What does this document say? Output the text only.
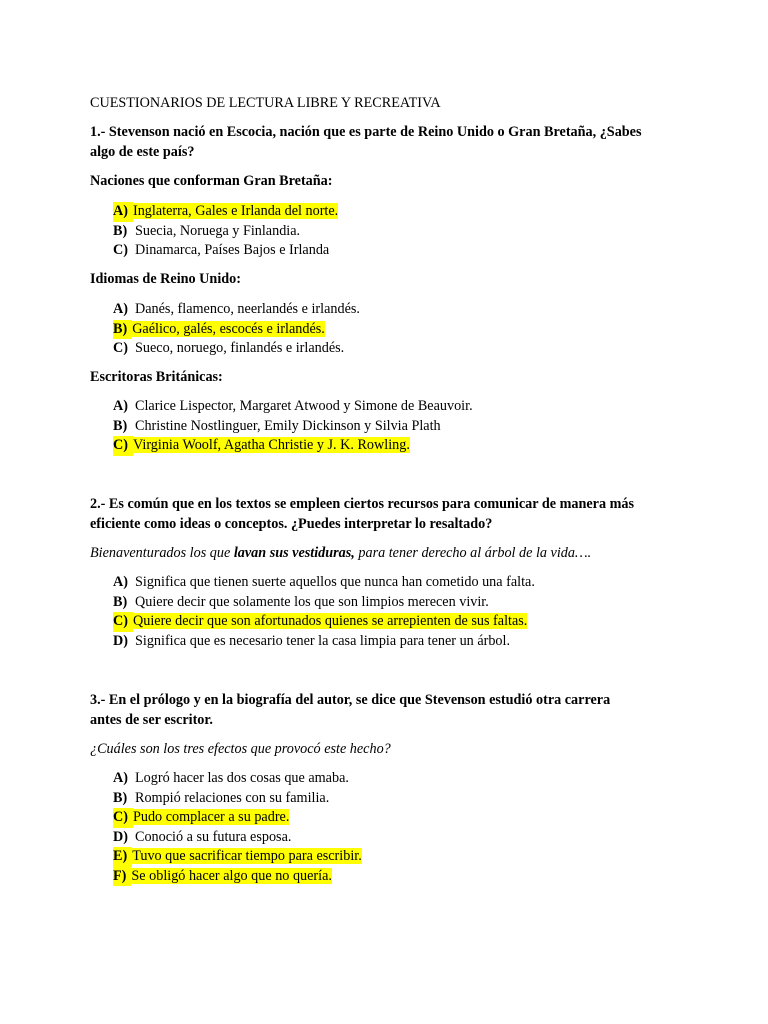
CUESTIONARIOS DE LECTURA LIBRE Y RECREATIVA
1.- Stevenson nació en Escocia, nación que es parte de Reino Unido o Gran Bretaña, ¿Sabes
algo de este país?
Naciones que conforman Gran Bretaña:
A) Inglaterra, Gales e Irlanda del norte.
B) Suecia, Noruega y Finlandia.
C) Dinamarca, Países Bajos e Irlanda
Idiomas de Reino Unido:
A) Danés, flamenco, neerlandés e irlandés.
B) Gaélico, galés, escocés e irlandés.
C) Sueco, noruego, finlandés e irlandés.
Escritoras Británicas:
A) Clarice Lispector, Margaret Atwood y Simone de Beauvoir.
B) Christine Nostlinguer, Emily Dickinson y Silvia Plath
C) Virginia Woolf, Agatha Christie y J. K. Rowling.
2.- Es común que en los textos se empleen ciertos recursos para comunicar de manera más
eficiente como ideas o conceptos. ¿Puedes interpretar lo resaltado?
Bienaventurados los que lavan sus vestiduras, para tener derecho al árbol de la vida….
A) Significa que tienen suerte aquellos que nunca han cometido una falta.
B) Quiere decir que solamente los que son limpios merecen vivir.
C) Quiere decir que son afortunados quienes se arrepienten de sus faltas.
D) Significa que es necesario tener la casa limpia para tener un árbol.
3.- En el prólogo y en la biografía del autor, se dice que Stevenson estudió otra carrera
antes de ser escritor.
¿Cuáles son los tres efectos que provocó este hecho?
A) Logró hacer las dos cosas que amaba.
B) Rompió relaciones con su familia.
C) Pudo complacer a su padre.
D) Conoció a su futura esposa.
E) Tuvo que sacrificar tiempo para escribir.
F) Se obligó hacer algo que no quería.
